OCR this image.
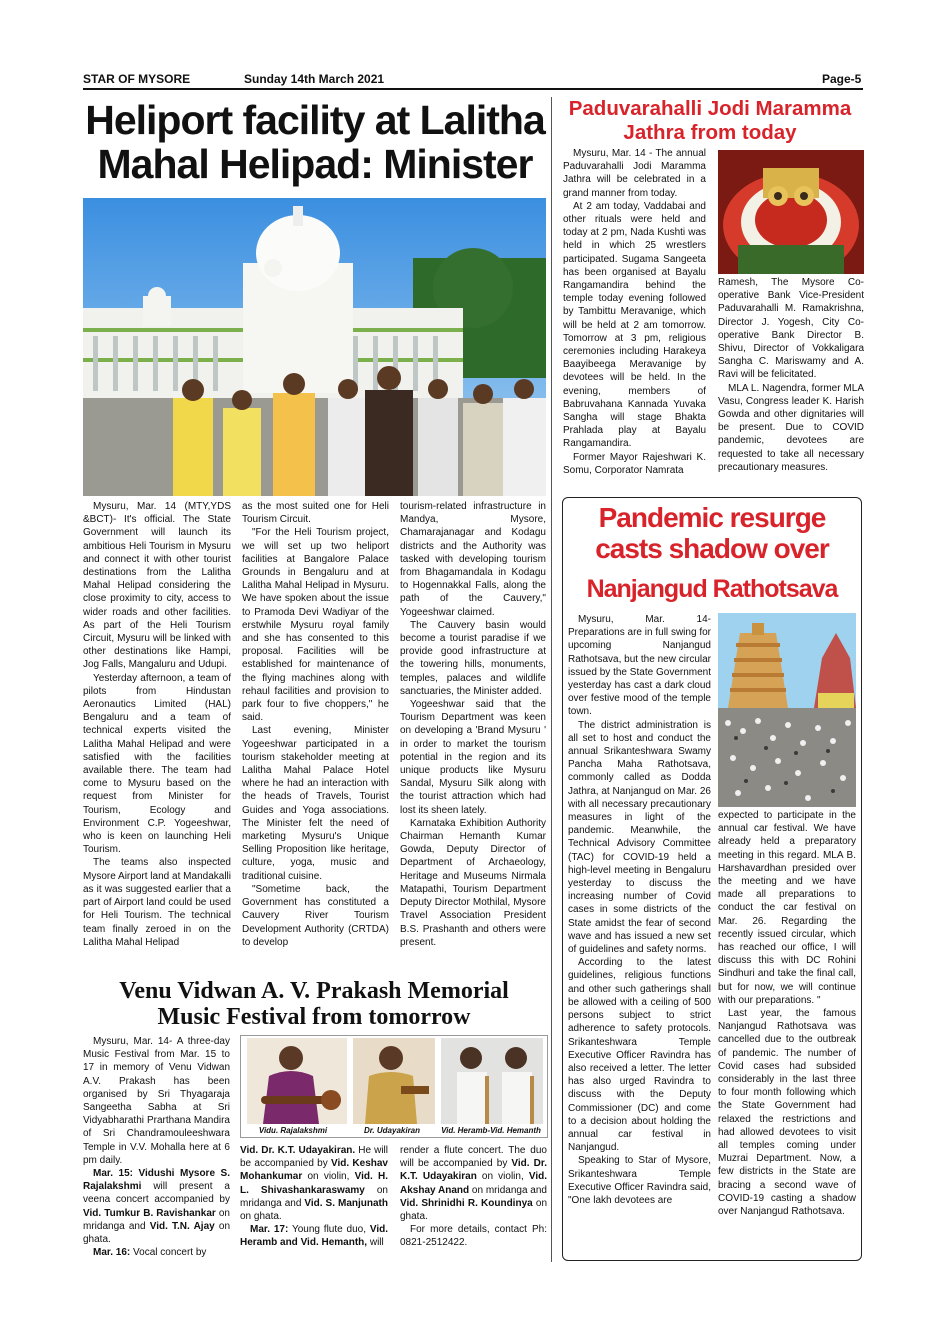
STAR OF MYSORE	Sunday 14th March 2021	Page-5
Heliport facility at Lalitha Mahal Helipad: Minister

Mysuru, Mar. 14 (MTY,YDS &BCT)- It's official. The State Government will launch its ambitious Heli Tourism in Mysuru and connect it with other tourist destinations from the Lalitha Mahal Helipad considering the close proximity to city, access to wider roads and other facilities. As part of the Heli Tourism Circuit, Mysuru will be linked with other destinations like Hampi, Jog Falls, Mangaluru and Udupi.

Yesterday afternoon, a team of pilots from Hindustan Aeronautics Limited (HAL) Bengaluru and a team of technical experts visited the Lalitha Mahal Helipad and were satisfied with the facilities available there. The team had come to Mysuru based on the request from Minister for Tourism, Ecology and Environment C.P. Yogeeshwar, who is keen on launching Heli Tourism.

The teams also inspected Mysore Airport land at Mandakalli as it was suggested earlier that a part of Airport land could be used for Heli Tourism. The technical team finally zeroed in on the Lalitha Mahal Helipad

as the most suited one for Heli Tourism Circuit.

"For the Heli Tourism project, we will set up two heliport facilities at Bangalore Palace Grounds in Bengaluru and at Lalitha Mahal Helipad in Mysuru. We have spoken about the issue to Pramoda Devi Wadiyar of the erstwhile Mysuru royal family and she has consented to this proposal. Facilities will be established for maintenance of the flying machines along with rehaul facilities and provision to park four to five choppers," he said.

Last evening, Minister Yogeeshwar participated in a tourism stakeholder meeting at Lalitha Mahal Palace Hotel where he had an interaction with the heads of Travels, Tourist Guides and Yoga associations. The Minister felt the need of marketing Mysuru's Unique Selling Proposition like heritage, culture, yoga, music and traditional cuisine.

"Sometime back, the Government has constituted a Cauvery River Tourism Development Authority (CRTDA) to develop

tourism-related infrastructure in Mandya, Mysore, Chamarajanagar and Kodagu districts and the Authority was tasked with developing tourism from Bhagamandala in Kodagu to Hogennakkal Falls, along the path of the Cauvery," Yogeeshwar claimed.

The Cauvery basin would become a tourist paradise if we provide good infrastructure at the towering hills, monuments, temples, palaces and wildlife sanctuaries, the Minister added.

Yogeeshwar said that the Tourism Department was keen on developing a 'Brand Mysuru ' in order to market the tourism potential in the region and its unique products like Mysuru Sandal, Mysuru Silk along with the tourist attraction which had lost its sheen lately.

Karnataka Exhibition Authority Chairman Hemanth Kumar Gowda, Deputy Director of Department of Archaeology, Heritage and Museums Nirmala Matapathi, Tourism Department Deputy Director Mothilal, Mysore Travel Association President B.S. Prashanth and others were present.

Paduvarahalli Jodi Maramma Jathra from today

Mysuru, Mar. 14 - The annual Paduvarahalli Jodi Maramma Jathra will be celebrated in a grand manner from today.

At 2 am today, Vaddabai and other rituals were held and today at 2 pm, Nada Kushti was held in which 25 wrestlers participated. Sugama Sangeeta has been organised at Bayalu Rangamandira behind the temple today evening followed by Tambittu Meravanige, which will be held at 2 am tomorrow. Tomorrow at 3 pm, religious ceremonies including Harakeya Baayibeega Meravanige by devotees will be held. In the evening, members of Babruvahana Kannada Yuvaka Sangha will stage Bhakta Prahlada play at Bayalu Rangamandira.

Former Mayor Rajeshwari K. Somu, Corporator Namrata

Ramesh, The Mysore Co-operative Bank Vice-President Paduvarahalli M. Ramakrishna, Director J. Yogesh, City Co-operative Bank Director B. Shivu, Director of Vokkaligara Sangha C. Mariswamy and A. Ravi will be felicitated.

MLA L. Nagendra, former MLA Vasu, Congress leader K. Harish Gowda and other dignitaries will be present. Due to COVID pandemic, devotees are requested to take all necessary precautionary measures.

Pandemic resurge casts shadow over
Nanjangud Rathotsava

Mysuru, Mar. 14- Preparations are in full swing for upcoming Nanjangud Rathotsava, but the new circular issued by the State Government yesterday has cast a dark cloud over festive mood of the temple town.

The district administration is all set to host and conduct the annual Srikanteshwara Swamy Pancha Maha Rathotsava, commonly called as Dodda Jathra, at Nanjangud on Mar. 26 with all necessary precautionary measures in light of the pandemic. Meanwhile, the Technical Advisory Committee (TAC) for COVID-19 held a high-level meeting in Bengaluru yesterday to discuss the increasing number of Covid cases in some districts of the State amidst the fear of second wave and has issued a new set of guidelines and safety norms.

According to the latest guidelines, religious functions and other such gatherings shall be allowed with a ceiling of 500 persons subject to strict adherence to safety protocols. Srikanteshwara Temple Executive Officer Ravindra has also received a letter. The letter has also urged Ravindra to discuss with the Deputy Commissioner (DC) and come to a decision about holding the annual car festival in Nanjangud.

Speaking to Star of Mysore, Srikanteshwara Temple Executive Officer Ravindra said, "One lakh devotees are

expected to participate in the annual car festival. We have already held a preparatory meeting in this regard. MLA B. Harshavardhan presided over the meeting and we have made all preparations to conduct the car festival on Mar. 26. Regarding the recently issued circular, which has reached our office, I will discuss this with DC Rohini Sindhuri and take the final call, but for now, we will continue with our preparations. "

Last year, the famous Nanjangud Rathotsava was cancelled due to the outbreak of pandemic. The number of Covid cases had subsided considerably in the last three to four month following which the State Government had relaxed the restrictions and had allowed devotees to visit all temples coming under Muzrai Department. Now, a few districts in the State are bracing a second wave of COVID-19 casting a shadow over Nanjangud Rathotsava.

Venu Vidwan A. V. Prakash Memorial
Music Festival from tomorrow

Mysuru, Mar. 14- A three-day Music Festival from Mar. 15 to 17 in memory of Venu Vidwan A.V. Prakash has been organised by Sri Thyagaraja Sangeetha Sabha at Sri Vidyabharathi Prarthana Mandira of Sri Chandramouleeshwara Temple in V.V. Mohalla here at 6 pm daily.

Mar. 15: Vidushi Mysore S. Rajalakshmi will present a veena concert accompanied by Vid. Tumkur B. Ravishankar on mridanga and Vid. T.N. Ajay on ghata.

Mar. 16: Vocal concert by

Vidu. Rajalakshmi	Dr. Udayakiran	Vid. Heramb-Vid. Hemanth

Vid. Dr. K.T. Udayakiran. He will be accompanied by Vid. Keshav Mohankumar on violin, Vid. H. L. Shivashankaraswamy on mridanga and Vid. S. Manjunath on ghata.

Mar. 17: Young flute duo, Vid. Heramb and Vid. Hemanth, will

render a flute concert. The duo will be accompanied by Vid. Dr. K.T. Udayakiran on violin, Vid. Akshay Anand on mridanga and Vid. Shrinidhi R. Koundinya on ghata.

For more details, contact Ph: 0821-2512422.
